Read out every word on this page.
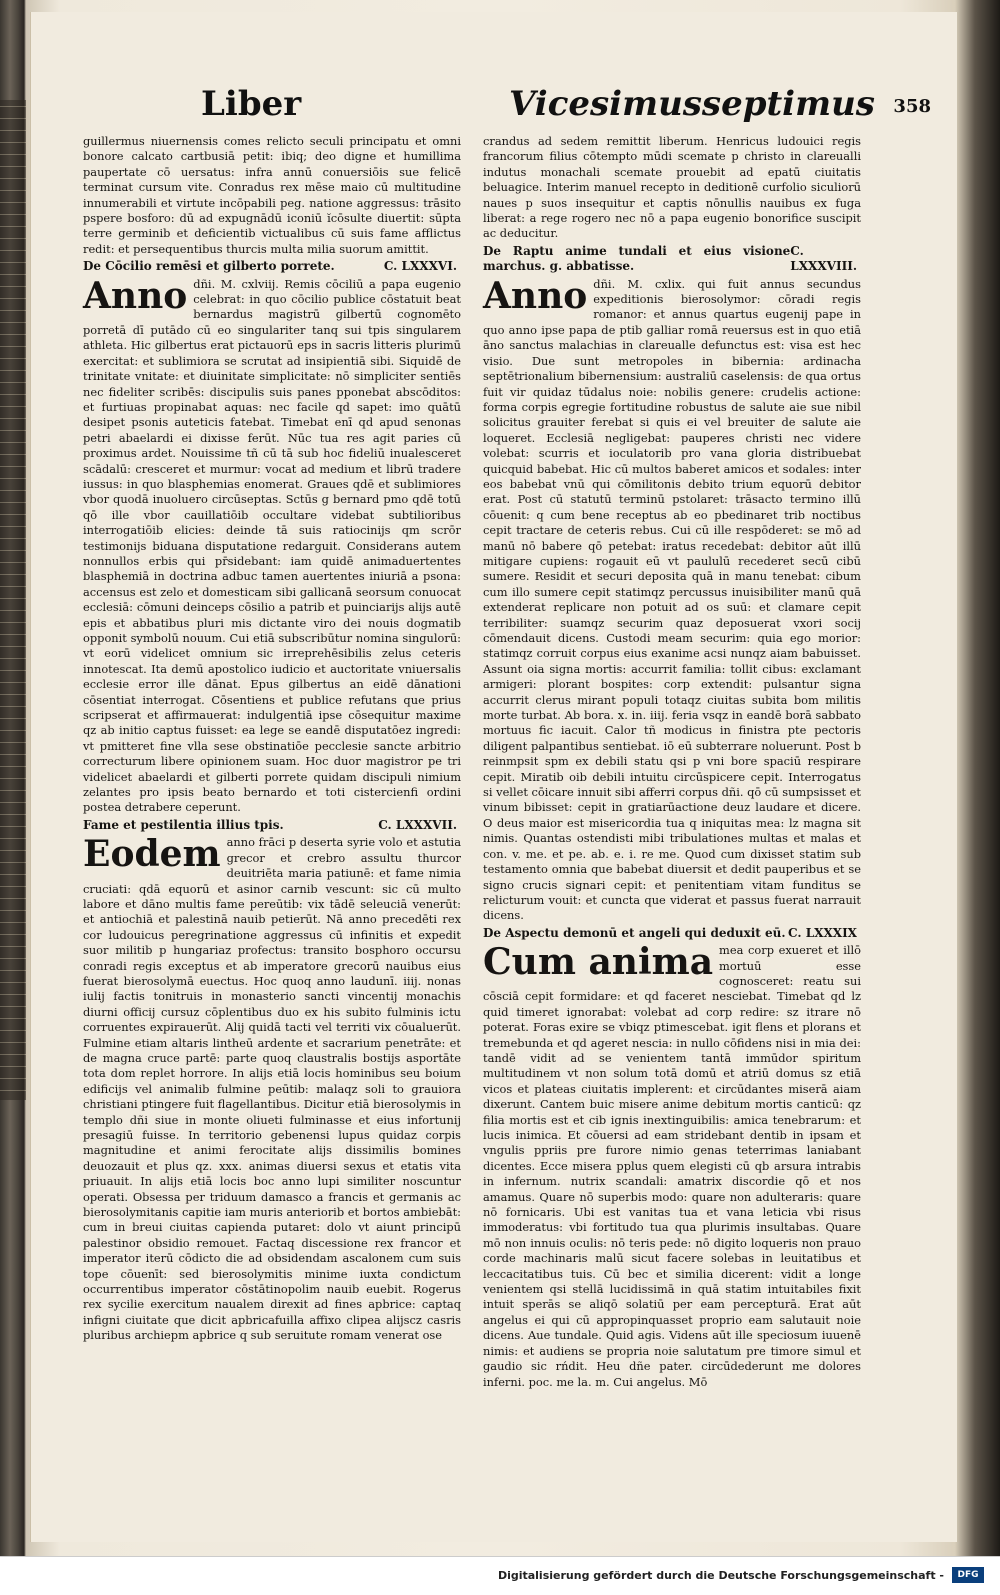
Liber	Vicesimusseptimus 358

guillermus niuernensis comes relicto seculi principatu et omni bonore calcato cartbusiā petit: ibiq; deo digne et humillima paupertate cō uersatus: infra annū conuersiōis sue felicē terminat cursum vite. Conradus rex mēse maio cū multitudine innumerabili et virtute incōpabili peg. natione aggressus: trāsito pspere bosforo: dū ad expugnādū iconiū ĭcōsulte diuertit: sūpta terre germinib et deficientib victualibus cū suis fame afflictus redit: et persequentibus thurcis multa milia suorum amittit.

De Cōcilio remēsi et gilberto porrete.	C. LXXXVI.

Anno dñi. M. cxlviij. Remis cōciliū a papa eugenio celebrat: in quo cōcilio publice cōstatuit beat bernardus magistrū gilbertū cognomēto porretā dī putādo cū eo singulariter tanq sui tpis singularem athleta. Hic gilbertus erat pictauorū eps in sacris litteris plurimū exercitat: et sublimiora se scrutat ad insipientiā sibi. Siquidē de trinitate vnitate: et diuinitate simplicitate: nō simpliciter sentiēs nec fideliter scribēs: discipulis suis panes pponebat abscōditos: et furtiuas propinabat aquas: nec facile qd sapet: imo quātū desipet psonis auteticis fatebat. Timebat enī qd apud senonas petri abaelardi ei dixisse ferūt. Nūc tua res agit paries cū proximus ardet. Nouissime tñ cū tā sub hoc fideliū inualesceret scādalū: cresceret et murmur: vocat ad medium et librū tradere iussus: in quo blasphemias enomerat. Graues qdē et sublimiores vbor quodā inuoluero circūseptas. Sctūs g bernard pmo qdē totū qō ille vbor cauillatiōib occultare videbat subtilioribus interrogatiōib elicies: deinde tā suis ratiocinijs qm scrōr testimonijs biduana disputatione redarguit. Considerans autem nonnullos erbis qui pr̄sidebant: iam quidē animaduertentes blasphemiā in doctrina adbuc tamen auertentes iniuriā a psona: accensus est zelo et domesticam sibi gallicanā seorsum conuocat ecclesiā: cōmuni deinceps cōsilio a patrib et puinciarijs alijs autē epis et abbatibus pluri mis dictante viro dei nouis dogmatib opponit symbolū nouum. Cui etiā subscribūtur nomina singulorū: vt eorū videlicet omnium sic irreprehēsibilis zelus ceteris innotescat. Ita demū apostolico iudicio et auctoritate vniuersalis ecclesie error ille dānat. Epus gilbertus an eidē dānationi cōsentiat interrogat. Cōsentiens et publice refutans que prius scripserat et affirmauerat: indulgentiā ipse cōsequitur maxime qz ab initio captus fuisset: ea lege se eandē disputatōez ingredi: vt pmitteret fine vlla sese obstinatiōe pecclesie sancte arbitrio correcturum libere opinionem suam. Hoc duor magistror pe tri videlicet abaelardi et gilberti porrete quidam discipuli nimium zelantes pro ipsis beato bernardo et toti cistercienfi ordini postea detrabere ceperunt.

Fame et pestilentia illius tpis.	C. LXXXVII.

Eodem anno frāci p deserta syrie volo et astutia grecor et crebro assultu thurcor deuitriēta maria patiunē: et fame nimia cruciati: qdā equorū et asinor carnib vescunt: sic cū multo labore et dāno multis fame pereūtib: vix tādē seleuciā venerūt: et antiochiā et palestinā nauib petierūt. Nā anno precedēti rex cor ludouicus peregrinatione aggressus cū infinitis et expedit suor militib p hungariaz profectus: transito bosphoro occursu conradi regis exceptus et ab imperatore grecorū nauibus eius fuerat bierosolymā euectus. Hoc quoq anno laudunī. iiij. nonas iulij factis tonitruis in monasterio sancti vincentij monachis diurni officij cursuz cōplentibus duo ex his subito fulminis ictu corruentes expirauerūt. Alij quidā tacti vel territi vix cōualuerūt. Fulmine etiam altaris lintheū ardente et sacrarium penetrāte: et de magna cruce partē: parte quoq claustralis bostijs asportāte tota dom replet horrore. In alijs etiā locis hominibus seu boium edificijs vel animalib fulmine peūtib: malaqz soli to grauiora christiani ptingere fuit flagellantibus. Dicitur etiā bierosolymis in templo dñi siue in monte oliueti fulminasse et eius infortunij presagiū fuisse. In territorio gebenensi lupus quidaz corpis magnitudine et animi ferocitate alijs dissimilis bomines deuozauit et plus qz. xxx. animas diuersi sexus et etatis vita priuauit. In alijs etiā locis boc anno lupi similiter noscuntur operati. Obsessa per triduum damasco a francis et germanis ac bierosolymitanis capitie iam muris anteriorib et bortos ambiebāt: cum in breui ciuitas capienda putaret: dolo vt aiunt principū palestinor obsidio remouet. Factaq discessione rex francor et imperator iterū cōdicto die ad obsidendam ascalonem cum suis tope cōuenīt: sed bierosolymitis minime iuxta condictum occurrentibus imperator cōstātinopolim nauib euebit. Rogerus rex sycilie exercitum naualem direxit ad fines apbrice: captaq infigni ciuitate que dicit apbricafuilla affixo clipea alijscz casris pluribus archiepm apbrice q sub seruitute romam venerat ose

crandus ad sedem remittit liberum. Henricus ludouici regis francorum filius cōtempto mūdi scemate p christo in clareualli indutus monachali scemate prouebit ad epatū ciuitatis beluagice. Interim manuel recepto in deditionē curfolio siculiorū naues p suos insequitur et captis nōnullis nauibus ex fuga liberat: a rege rogero nec nō a papa eugenio bonorifice suscipit ac deducitur.

De Raptu anime tundali et eius visione marchus. g. abbatisse.
C. LXXXVIII.

Anno dñi. M. cxlix. qui fuit annus secundus expeditionis bierosolymor: cōradi regis romanor: et annus quartus eugenij pape in quo anno ipse papa de ptib galliar romā reuersus est in quo etiā āno sanctus malachias in clareualle defunctus est: visa est hec visio. Due sunt metropoles in bibernia: ardinacha septētrionalium bibernensium: australiū caselensis: de qua ortus fuit vir quidaz tūdalus noie: nobilis genere: crudelis actione: forma corpis egregie fortitudine robustus de salute aie sue nibil solicitus grauiter ferebat si quis ei vel breuiter de salute aie loqueret. Ecclesiā negligebat: pauperes christi nec videre volebat: scurris et ioculatorib pro vana gloria distribuebat quicquid babebat. Hic cū multos baberet amicos et sodales: inter eos babebat vnū qui cōmilitonis debito trium equorū debitor erat. Post cū statutū terminū pstolaret: trāsacto termino illū cōuenit: q cum bene receptus ab eo pbedinaret trib noctibus cepit tractare de ceteris rebus. Cui cū ille respōderet: se mō ad manū nō babere qō petebat: iratus recedebat: debitor aūt illū mitigare cupiens: rogauit eū vt paululū recederet secū cibū sumere. Residit et securi deposita quā in manu tenebat: cibum cum illo sumere cepit statimqz percussus inuisibiliter manū quā extenderat replicare non potuit ad os suū: et clamare cepit terribiliter: suamqz securim quaz deposuerat vxori socij cōmendauit dicens. Custodi meam securim: quia ego morior: statimqz corruit corpus eius exanime acsi nunqz aiam babuisset. Assunt oia signa mortis: accurrit familia: tollit cibus: exclamant armigeri: plorant bospites: corp extendit: pulsantur signa accurrit clerus mirant populi totaqz ciuitas subita bom militis morte turbat. Ab bora. x. in. iiij. feria vsqz in eandē borā sabbato mortuus fic iacuit. Calor tñ modicus in finistra pte pectoris diligent palpantibus sentiebat. iō eū subterrare noluerunt. Post b reinmpsit spm ex debili statu qsi p vni bore spaciū respirare cepit. Miratib oib debili intuitu circūspicere cepit. Interrogatus si vellet cōicare innuit sibi afferri corpus dñi. qō cū sumpsisset et vinum bibisset: cepit in gratiarūactione deuz laudare et dicere. O deus maior est misericordia tua q iniquitas mea: lz magna sit nimis. Quantas ostendisti mibi tribulationes multas et malas et con. v. me. et pe. ab. e. i. re me. Quod cum dixisset statim sub testamento omnia que babebat diuersit et dedit pauperibus et se signo crucis signari cepit: et penitentiam vitam funditus se relicturum vouit: et cuncta que viderat et passus fuerat narrauit dicens.

De Aspectu demonū et angeli qui deduxit eū. C. LXXXIX

Cum anima mea corp exueret et illō mortuū esse cognosceret: reatu sui cōsciā cepit formidare: et qd faceret nesciebat. Timebat qd lz quid timeret ignorabat: volebat ad corp redire: sz itrare nō poterat. Foras exire se vbiqz ptimescebat. igit flens et plorans et tremebunda et qd ageret nescia: in nullo cōfidens nisi in mia dei: tandē vidit ad se venientem tantā immūdor spiritum multitudinem vt non solum totā domū et atriū domus sz etiā vicos et plateas ciuitatis implerent: et circūdantes miserā aiam dixerunt. Cantem buic misere anime debitum mortis canticū: qz filia mortis est et cib ignis inextinguibilis: amica tenebrarum: et lucis inimica. Et cōuersi ad eam stridebant dentib in ipsam et vngulis ppriis pre furore nimio genas teterrimas laniabant dicentes. Ecce misera pplus quem elegisti cū qb arsura intrabis in infernum. nutrix scandali: amatrix discordie qō et nos amamus. Quare nō superbis modo: quare non adulteraris: quare nō fornicaris. Ubi est vanitas tua et vana leticia vbi risus immoderatus: vbi fortitudo tua qua plurimis insultabas. Quare mō non innuis oculis: nō teris pede: nō digito loqueris non prauo corde machinaris malū sicut facere solebas in leuitatibus et leccacitatibus tuis. Cū bec et similia dicerent: vidit a longe venientem qsi stellā lucidissimā in quā statim intuitabiles fixit intuit sperās se aliqō solatiū per eam percepturā. Erat aūt angelus ei qui cū appropinquasset proprio eam salutauit noie dicens. Aue tundale. Quid agis. Videns aūt ille speciosum iuuenē nimis: et audiens se propria noie salutatum pre timore simul et gaudio sic rńdit. Heu dñe pater. circūdederunt me dolores inferni. poc. me la. m. Cui angelus. Mō

Digitalisierung gefördert durch die Deutsche Forschungsgemeinschaft -	DFG
